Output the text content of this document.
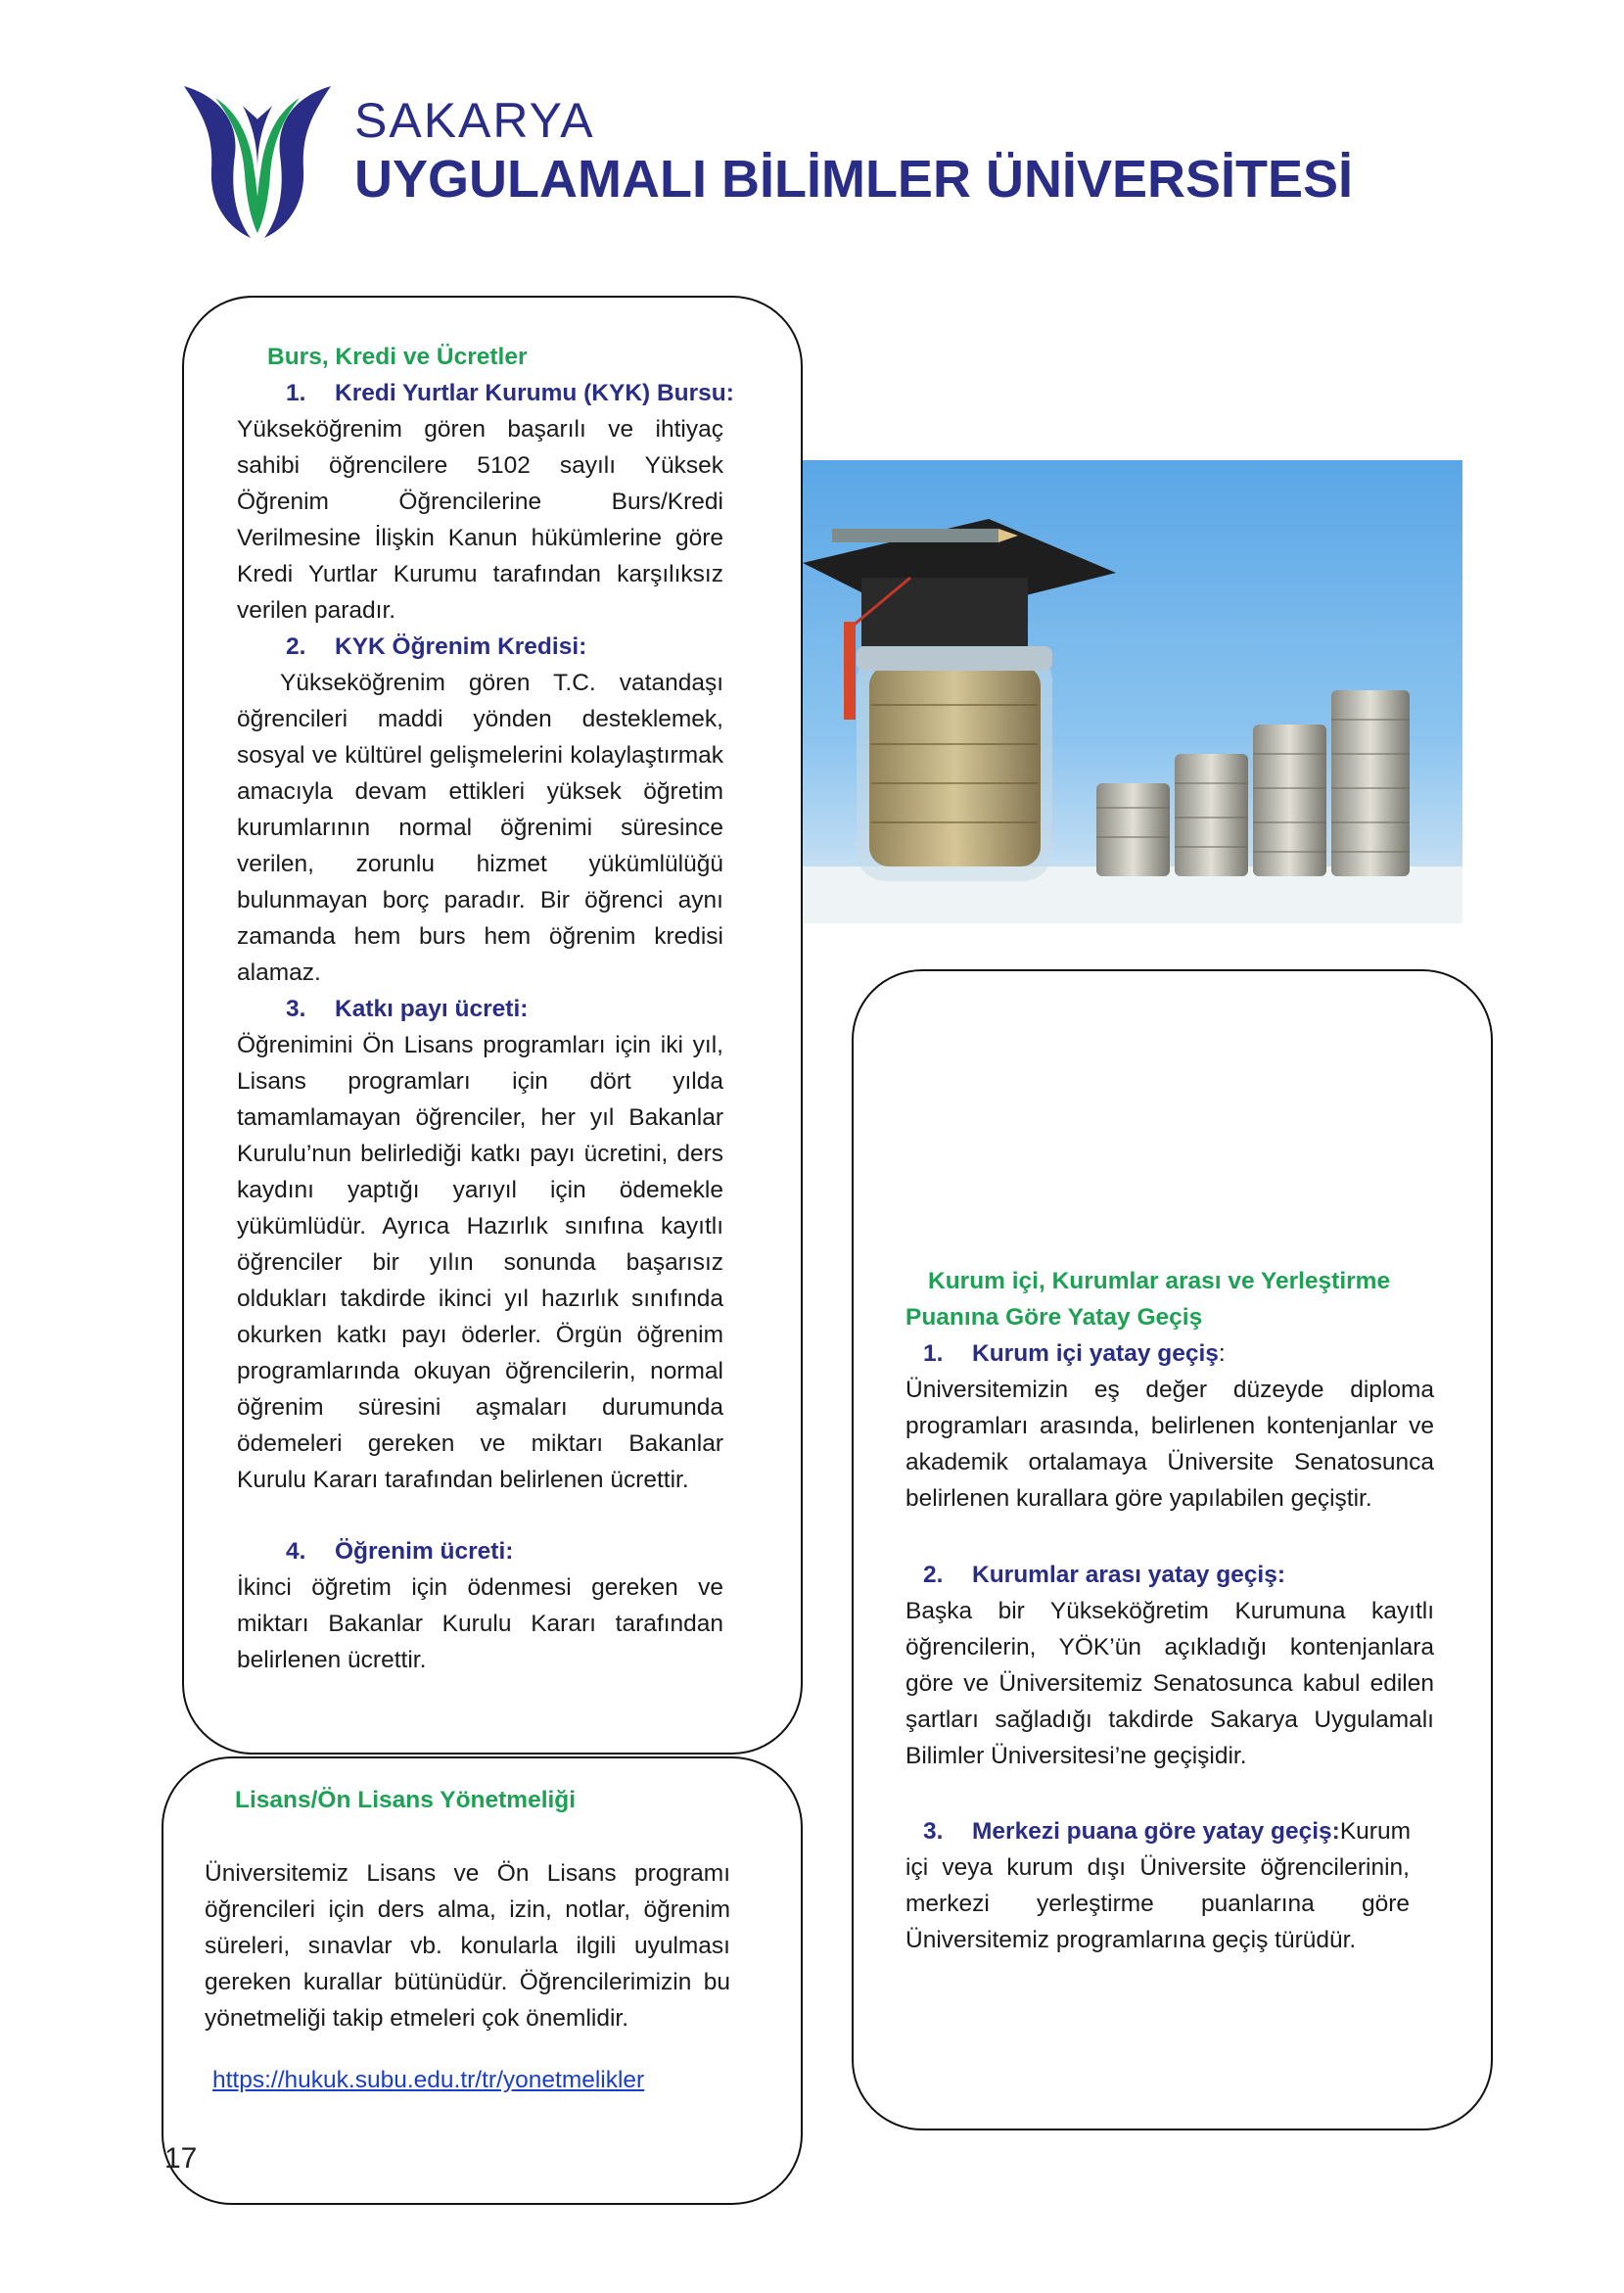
SAKARYA
UYGULAMALI BİLİMLER ÜNİVERSİTESİ
Burs, Kredi ve Ücretler
1.	Kredi Yurtlar Kurumu (KYK) Bursu:
Yükseköğrenim gören başarılı ve ihtiyaç sahibi öğrencilere 5102 sayılı Yüksek Öğrenim Öğrencilerine Burs/Kredi Verilmesine İlişkin Kanun hükümlerine göre Kredi Yurtlar Kurumu tarafından karşılıksız verilen paradır.
2.	KYK Öğrenim Kredisi:
Yükseköğrenim gören T.C. vatandaşı öğrencileri maddi yönden desteklemek, sosyal ve kültürel gelişmelerini kolaylaştırmak amacıyla devam ettikleri yüksek öğretim kurumlarının normal öğrenimi süresince verilen, zorunlu hizmet yükümlülüğü bulunmayan borç paradır. Bir öğrenci aynı zamanda hem burs hem öğrenim kredisi alamaz.
3.	Katkı payı ücreti:
Öğrenimini Ön Lisans programları için iki yıl, Lisans programları için dört yılda tamamlamayan öğrenciler, her yıl Bakanlar Kurulu’nun belirlediği katkı payı ücretini, ders kaydını yaptığı yarıyıl için ödemekle yükümlüdür. Ayrıca Hazırlık sınıfına kayıtlı öğrenciler bir yılın sonunda başarısız oldukları takdirde ikinci yıl hazırlık sınıfında okurken katkı payı öderler. Örgün öğrenim programlarında okuyan öğrencilerin, normal öğrenim süresini aşmaları durumunda ödemeleri gereken ve miktarı Bakanlar Kurulu Kararı tarafından belirlenen ücrettir.
4.	Öğrenim ücreti:
İkinci öğretim için ödenmesi gereken ve miktarı Bakanlar Kurulu Kararı tarafından belirlenen ücrettir.
Lisans/Ön Lisans Yönetmeliği
Üniversitemiz Lisans ve Ön Lisans programı öğrencileri için ders alma, izin, notlar, öğrenim süreleri, sınavlar vb. konularla ilgili uyulması gereken kurallar bütünüdür. Öğrencilerimizin bu yönetmeliği takip etmeleri çok önemlidir.
https://hukuk.subu.edu.tr/tr/yonetmelikler
Kurum içi, Kurumlar arası ve Yerleştirme
Puanına Göre Yatay Geçiş
1.	Kurum içi yatay geçiş :
Üniversitemizin eş değer düzeyde diploma programları arasında, belirlenen kontenjanlar ve akademik ortalamaya Üniversite Senatosunca belirlenen kurallara göre yapılabilen geçiştir.
2.	Kurumlar arası yatay geçiş:
Başka bir Yükseköğretim Kurumuna kayıtlı öğrencilerin, YÖK’ün açıkladığı kontenjanlara göre ve Üniversitemiz Senatosunca kabul edilen şartları sağladığı takdirde Sakarya Uygulamalı Bilimler Üniversitesi’ne geçişidir.
3.	Merkezi puana göre yatay geçiş: Kurum
içi veya kurum dışı Üniversite öğrencilerinin, merkezi yerleştirme puanlarına göre Üniversitemiz programlarına geçiş türüdür.
17
